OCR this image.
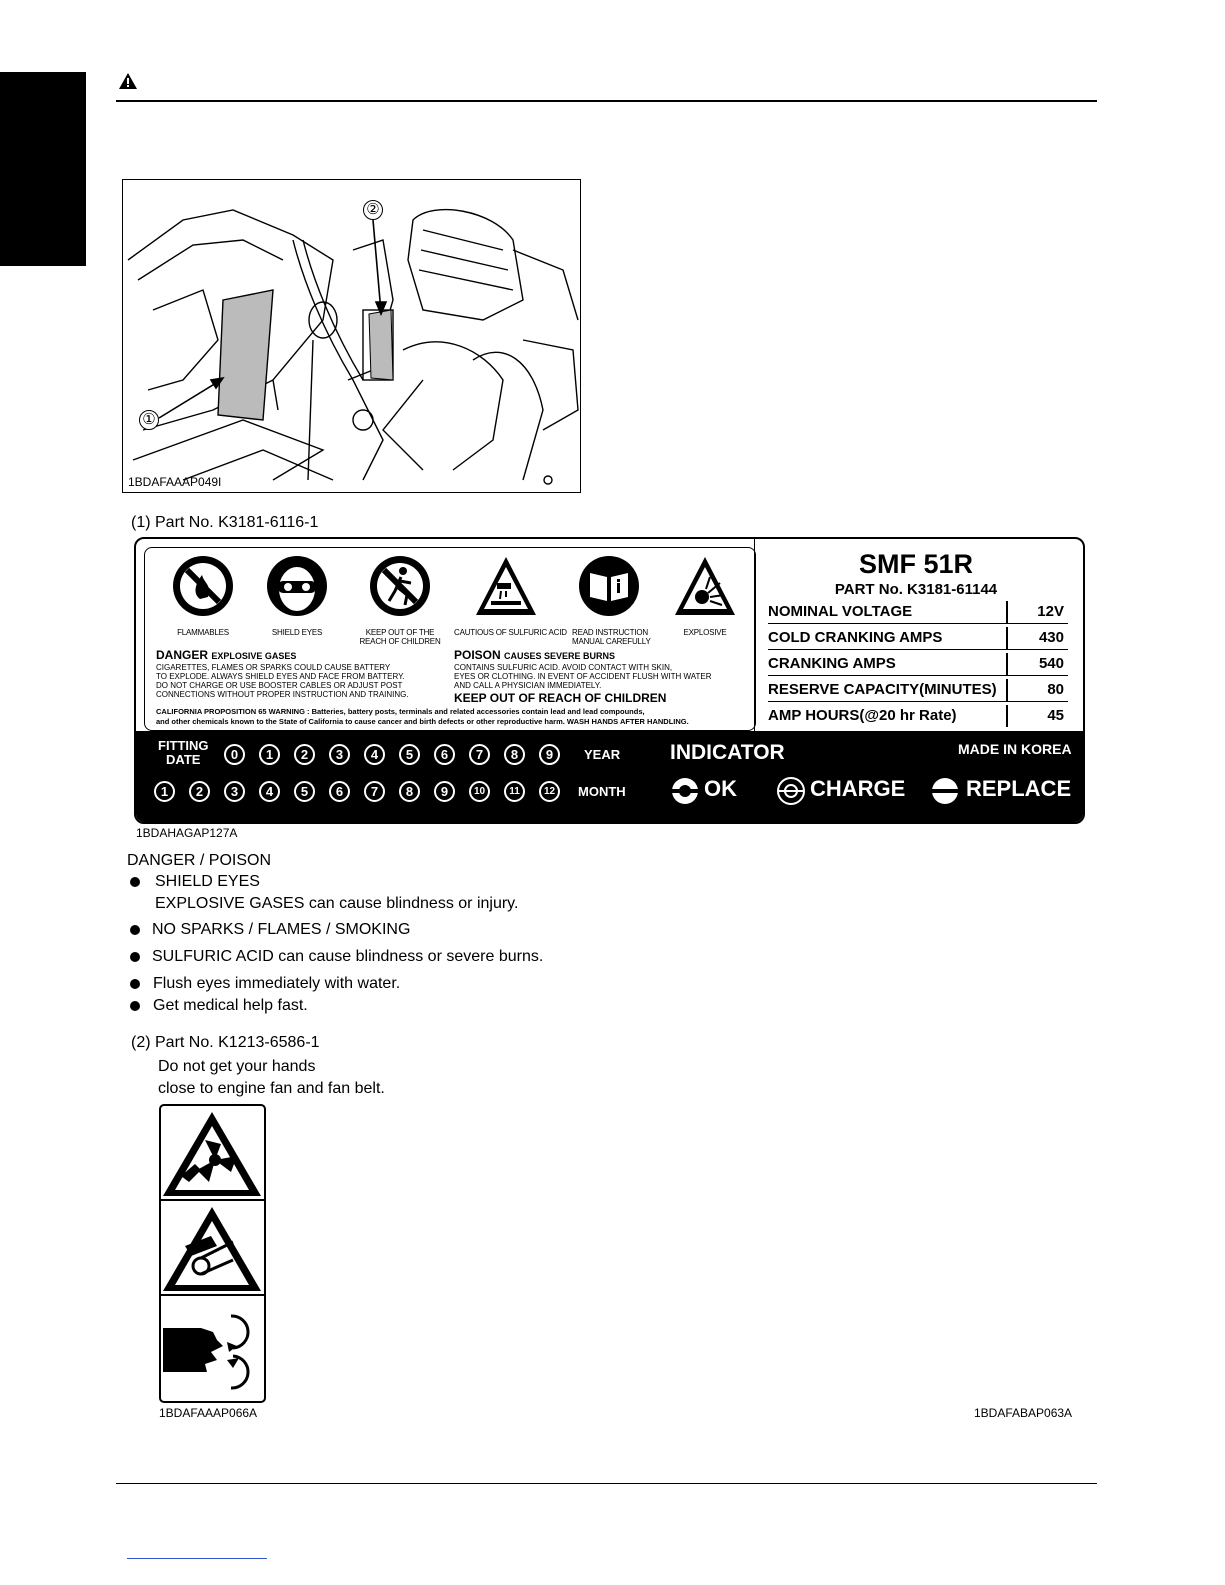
①
②
1BDAFAAAP049I
(1) Part No. K3181-6116-1
FLAMMABLES	SHIELD EYES	KEEP OUT OF THE
REACH OF CHILDREN
CAUTIOUS OF SULFURIC ACID READ INSTRUCTION
MANUAL CAREFULLY
EXPLOSIVE
DANGER EXPLOSIVE GASES
CIGARETTES, FLAMES OR SPARKS COULD CAUSE BATTERY
TO EXPLODE. ALWAYS SHIELD EYES AND FACE FROM BATTERY.
DO NOT CHARGE OR USE BOOSTER CABLES OR ADJUST POST
CONNECTIONS WITHOUT PROPER INSTRUCTION AND TRAINING.
POISON CAUSES SEVERE BURNS
CONTAINS SULFURIC ACID. AVOID CONTACT WITH SKIN,
EYES OR CLOTHING. IN EVENT OF ACCIDENT FLUSH WITH WATER
AND CALL A PHYSICIAN IMMEDIATELY.
KEEP OUT OF REACH OF CHILDREN
CALIFORNIA PROPOSITION 65 WARNING : Batteries, battery posts, terminals and related accessories contain lead and lead compounds,
and other chemicals known to the State of California to cause cancer and birth defects or other reproductive harm. WASH HANDS AFTER HANDLING.
SMF 51R
PART No. K3181-61144
NOMINAL VOLTAGE	12V
COLD CRANKING AMPS	430
CRANKING AMPS	540
RESERVE CAPACITY(MINUTES)	80
AMP HOURS(@20 hr Rate)	45
FITTING
DATE	0	1	2	3	4	5	6	7	8	9	YEAR
1	2	3	4	5	6	7	8	9	10	11	12	MONTH
INDICATOR	MADE IN KOREA
OK	CHARGE	REPLACE
1BDAHAGAP127A
DANGER / POISON
SHIELD EYES
EXPLOSIVE GASES can cause blindness or injury.
NO SPARKS / FLAMES / SMOKING
SULFURIC ACID can cause blindness or severe burns.
Flush eyes immediately with water.
Get medical help fast.
(2) Part No. K1213-6586-1
Do not get your hands
close to engine fan and fan belt.
1BDAFAAAP066A	1BDAFABAP063A
